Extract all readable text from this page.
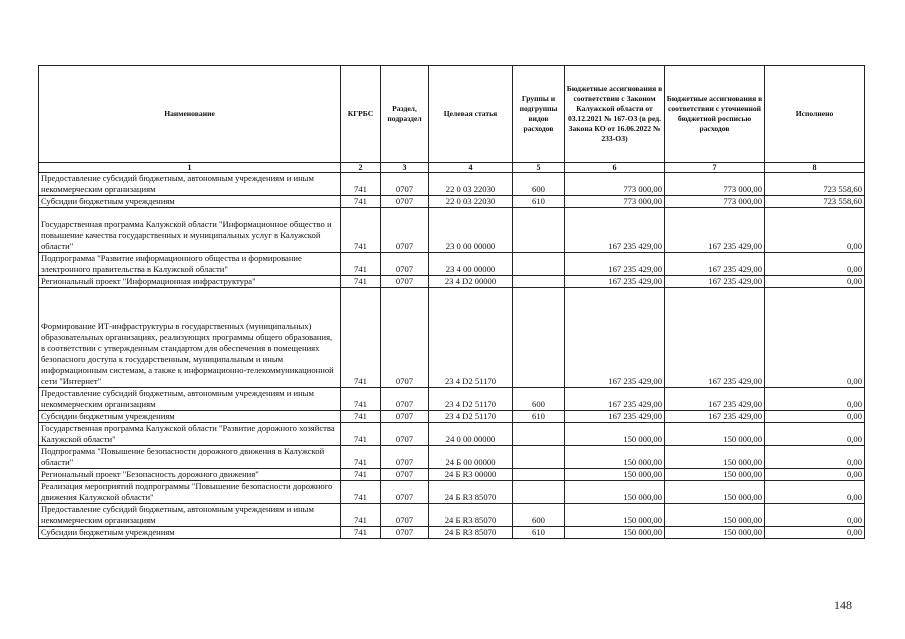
Наименование	КГРБС	Раздел, подраздел	Целевая статья	Группы и подгруппы видов расходов	Бюджетные ассигнования в соответствии с Законом Калужской области от 03.12.2021 № 167-ОЗ (в ред. Закона КО от 16.06.2022 № 233-ОЗ)	Бюджетные ассигнования в соответствии с уточненной бюджетной росписью расходов	Исполнено
1	2	3	4	5	6	7	8
Предоставление субсидий бюджетным, автономным учреждениям и иным некоммерческим организациям	741	0707	22 0 03 22030	600	773 000,00	773 000,00	723 558,60
Субсидии бюджетным учреждениям	741	0707	22 0 03 22030	610	773 000,00	773 000,00	723 558,60
Государственная программа Калужской области "Информационное общество и повышение качества государственных и муниципальных услуг в Калужской области"	741	0707	23 0 00 00000		167 235 429,00	167 235 429,00	0,00
Подпрограмма "Развитие информационного общества и формирование электронного правительства в Калужской области"	741	0707	23 4 00 00000		167 235 429,00	167 235 429,00	0,00
Региональный проект "Информационная инфраструктура"	741	0707	23 4 D2 00000		167 235 429,00	167 235 429,00	0,00
Формирование ИТ-инфраструктуры в государственных (муниципальных) образовательных организациях, реализующих программы общего образования, в соответствии с утвержденным стандартом для обеспечения в помещениях безопасного доступа к государственным, муниципальным и иным информационным системам, а также к информационно-телекоммуникационной сети "Интернет"	741	0707	23 4 D2 51170		167 235 429,00	167 235 429,00	0,00
Предоставление субсидий бюджетным, автономным учреждениям и иным некоммерческим организациям	741	0707	23 4 D2 51170	600	167 235 429,00	167 235 429,00	0,00
Субсидии бюджетным учреждениям	741	0707	23 4 D2 51170	610	167 235 429,00	167 235 429,00	0,00
Государственная программа Калужской области "Развитие дорожного хозяйства Калужской области"	741	0707	24 0 00 00000		150 000,00	150 000,00	0,00
Подпрограмма "Повышение безопасности дорожного движения в Калужской области"	741	0707	24 Б 00 00000		150 000,00	150 000,00	0,00
Региональный проект "Безопасность дорожного движения"	741	0707	24 Б R3 00000		150 000,00	150 000,00	0,00
Реализация мероприятий подпрограммы "Повышение безопасности дорожного движения Калужской области"	741	0707	24 Б R3 85070		150 000,00	150 000,00	0,00
Предоставление субсидий бюджетным, автономным учреждениям и иным некоммерческим организациям	741	0707	24 Б R3 85070	600	150 000,00	150 000,00	0,00
Субсидии бюджетным учреждениям	741	0707	24 Б R3 85070	610	150 000,00	150 000,00	0,00
148
